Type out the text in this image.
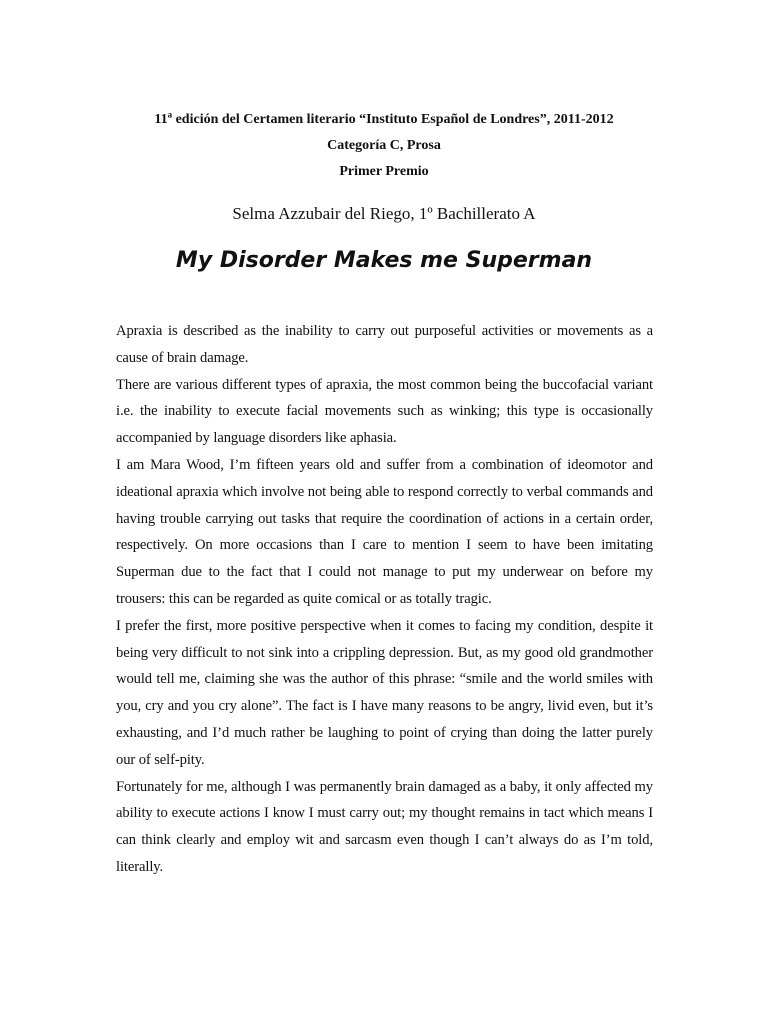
11$^a$ edición del Certamen literario “Instituto Español de Londres”, 2011-2012
Categoría C, Prosa
Primer Premio
Selma Azzubair del Riego, 1º Bachillerato A
My Disorder Makes me Superman

Apraxia is described as the inability to carry out purposeful activities or movements as a cause of brain damage.

There are various different types of apraxia, the most common being the buccofacial variant i.e. the inability to execute facial movements such as winking; this type is occasionally accompanied by language disorders like aphasia.

I am Mara Wood, I’m fifteen years old and suffer from a combination of ideomotor and ideational apraxia which involve not being able to respond correctly to verbal commands and having trouble carrying out tasks that require the coordination of actions in a certain order, respectively. On more occasions than I care to mention I seem to have been imitating Superman due to the fact that I could not manage to put my underwear on before my trousers: this can be regarded as quite comical or as totally tragic.

I prefer the first, more positive perspective when it comes to facing my condition, despite it being very difficult to not sink into a crippling depression. But, as my good old grandmother would tell me, claiming she was the author of this phrase: “smile and the world smiles with you, cry and you cry alone”. The fact is I have many reasons to be angry, livid even, but it’s exhausting, and I’d much rather be laughing to point of crying than doing the latter purely our of self-pity.

Fortunately for me, although I was permanently brain damaged as a baby, it only affected my ability to execute actions I know I must carry out; my thought remains in tact which means I can think clearly and employ wit and sarcasm even though I can’t always do as I’m told, literally.
